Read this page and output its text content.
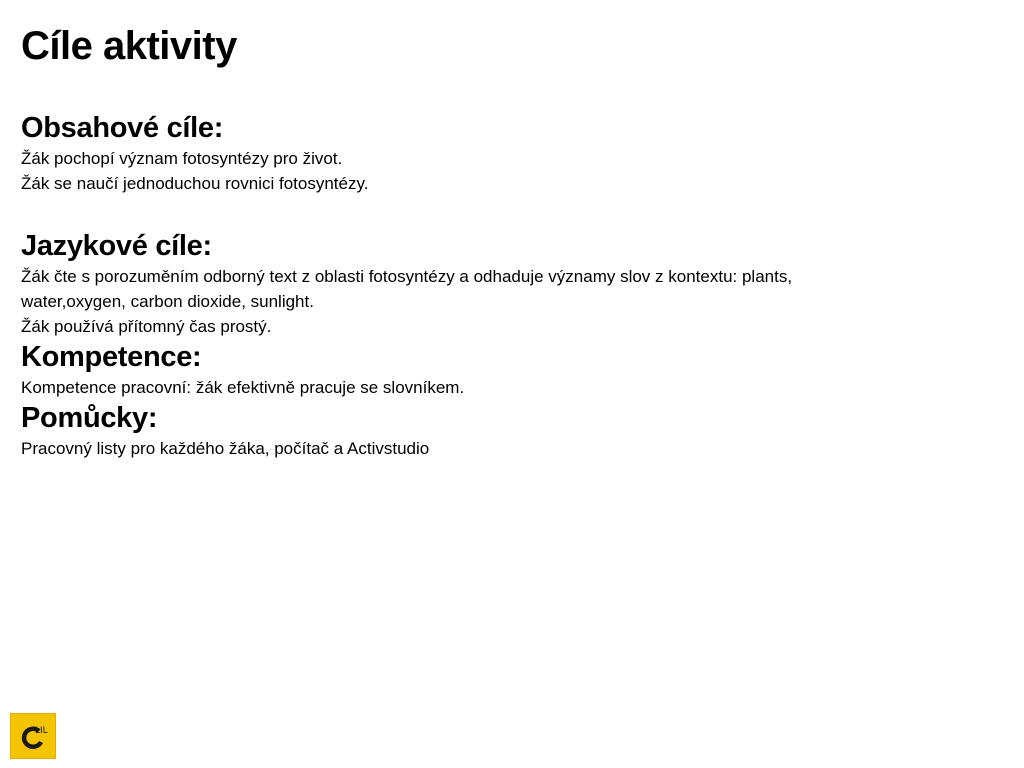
Cíle aktivity
Obsahové cíle:

Žák pochopí význam fotosyntézy pro život.

Žák se naučí jednoduchou rovnici fotosyntézy.

Jazykové cíle:

Žák čte s porozuměním odborný text z oblasti fotosyntézy a odhaduje významy slov z kontextu: plants,

water,oxygen, carbon dioxide, sunlight.

Žák používá přítomný čas prostý.

Kompetence:

Kompetence pracovní: žák efektivně pracuje se slovníkem.

Pomůcky:

Pracovný listy pro každého žáka, počítač a Activstudio

LIL
